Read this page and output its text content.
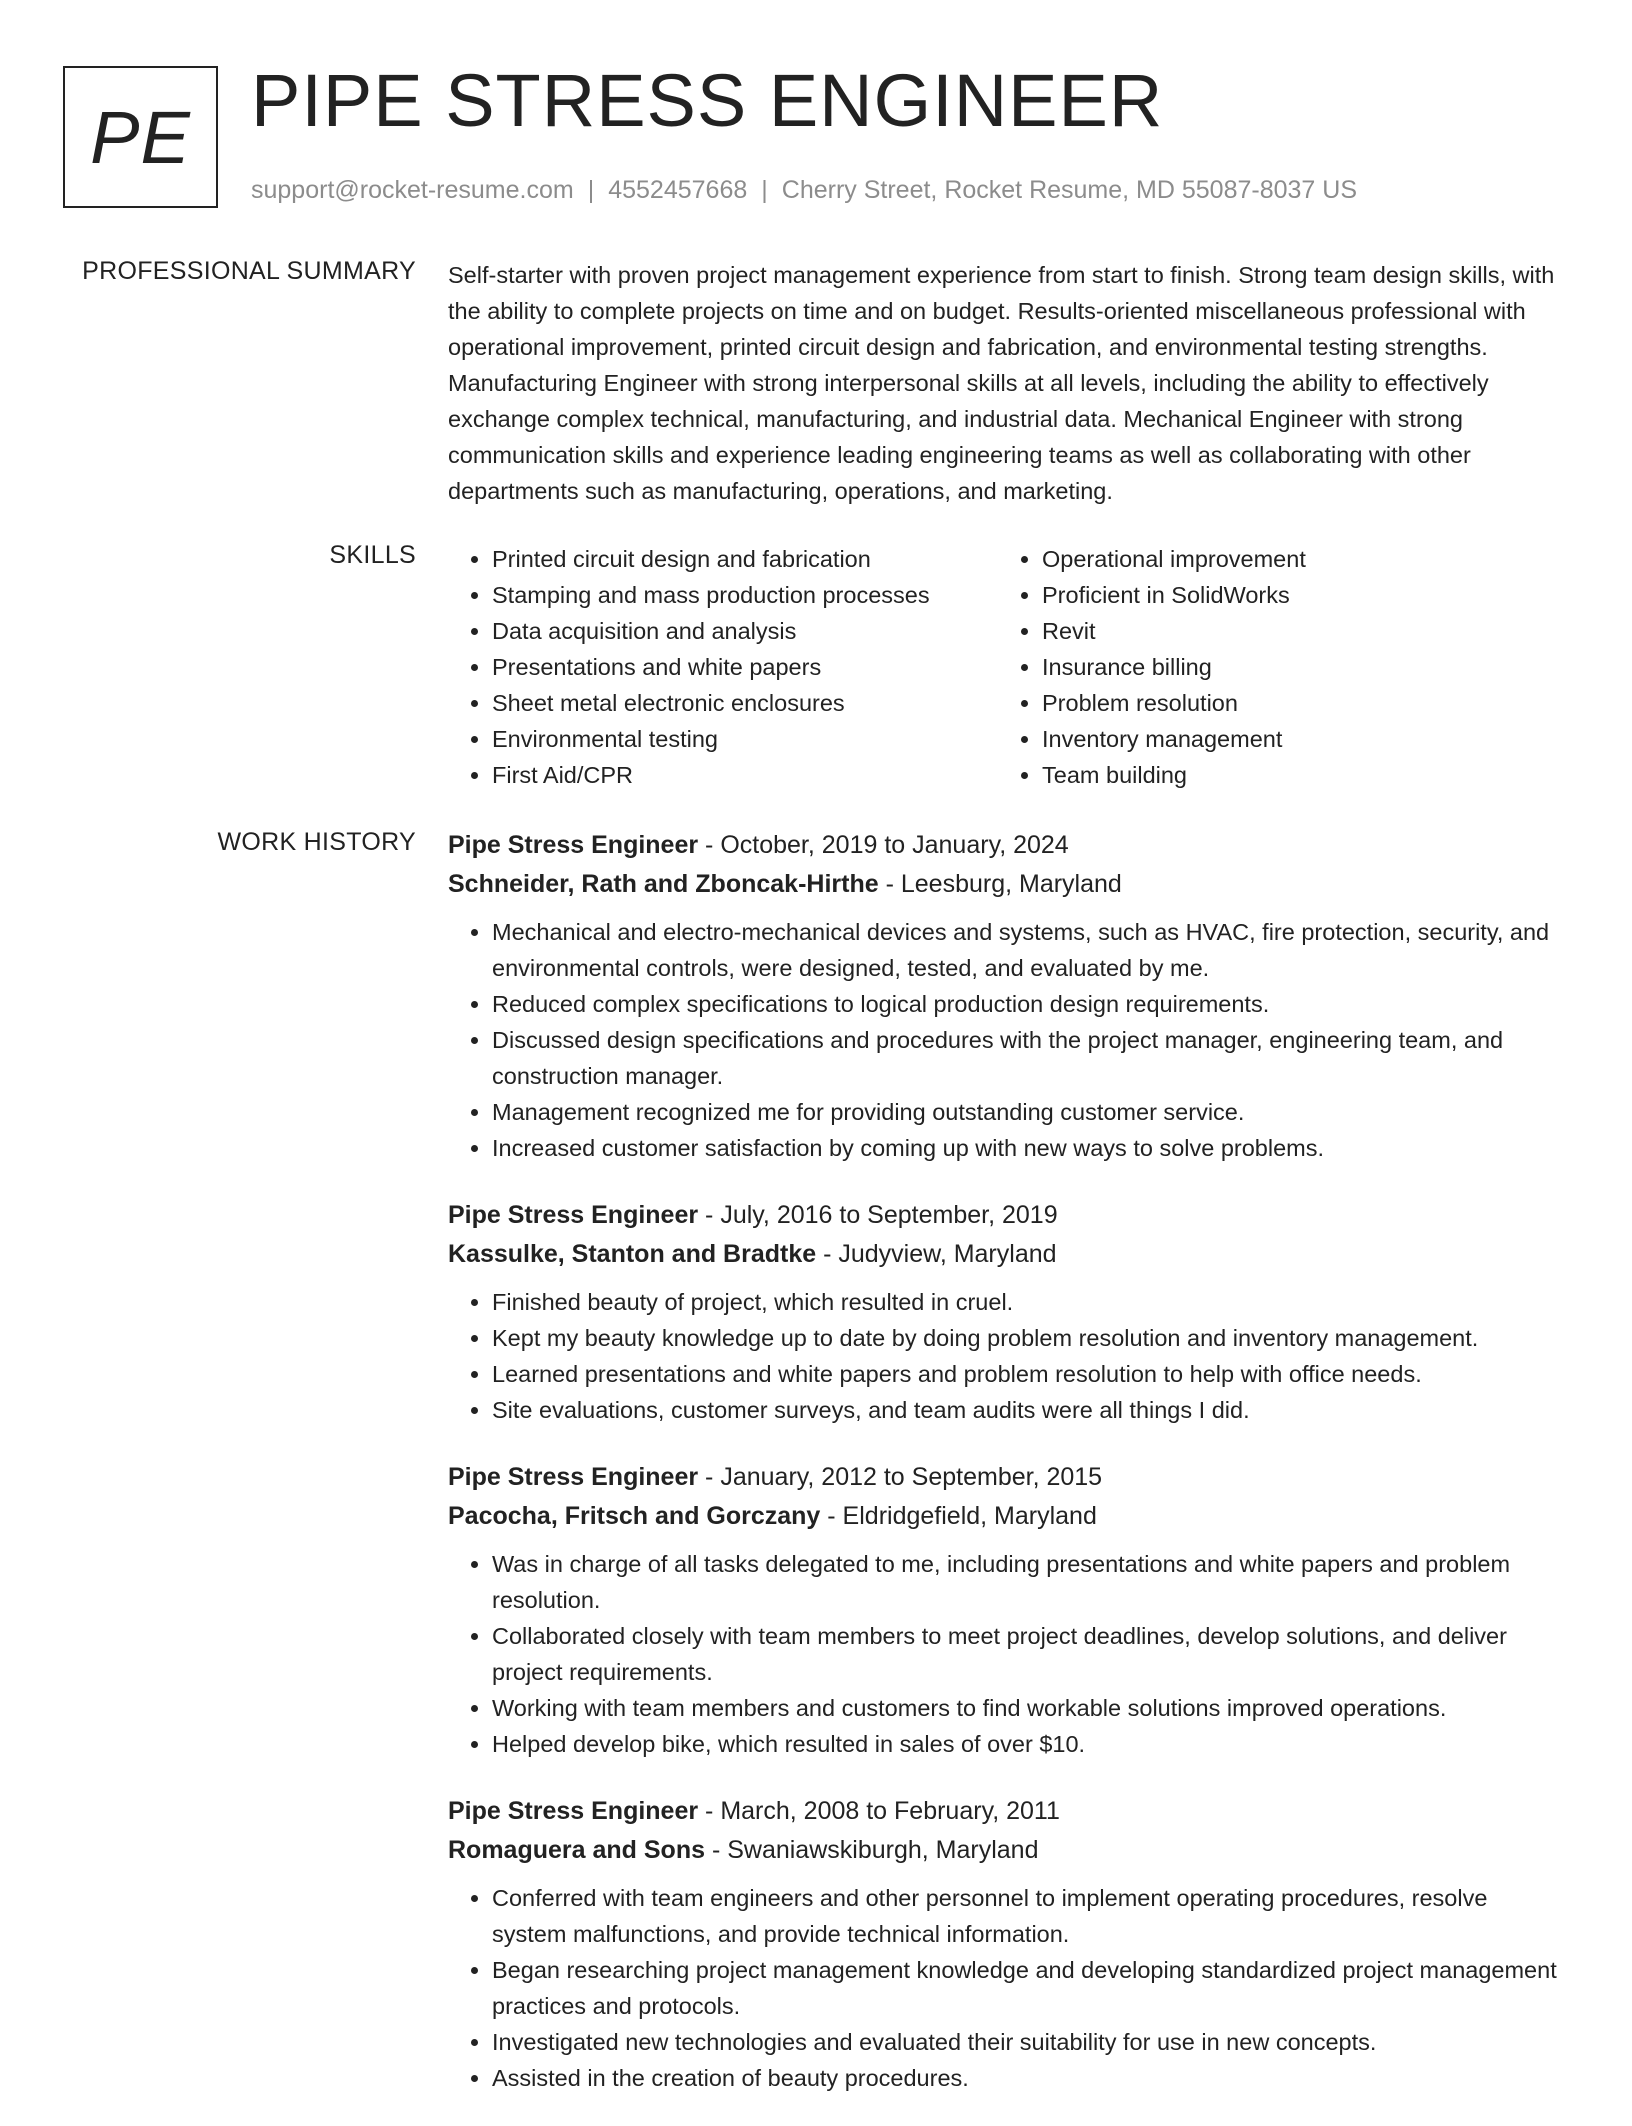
PE PIPE STRESS ENGINEER
support@rocket-resume.com | 4552457668 | Cherry Street, Rocket Resume, MD 55087-8037 US
PROFESSIONAL SUMMARY Self-starter with proven project management experience from start to finish. Strong team design skills, with the ability to complete projects on time and on budget. Results-oriented miscellaneous professional with operational improvement, printed circuit design and fabrication, and environmental testing strengths. Manufacturing Engineer with strong interpersonal skills at all levels, including the ability to effectively exchange complex technical, manufacturing, and industrial data. Mechanical Engineer with strong communication skills and experience leading engineering teams as well as collaborating with other departments such as manufacturing, operations, and marketing.

SKILLS
•	Printed circuit design and fabrication
• Stamping and mass production processes
• Data acquisition and analysis
• Presentations and white papers
• Sheet metal electronic enclosures
• Environmental testing
• First Aid/CPR
• Operational improvement
• Proficient in SolidWorks
• Revit
• Insurance billing
• Problem resolution
• Inventory management
• Team building
WORK HISTORY Pipe Stress Engineer - October, 2019 to January, 2024
Schneider, Rath and Zboncak-Hirthe - Leesburg, Maryland
• Mechanical and electro-mechanical devices and systems, such as HVAC, fire protection, security, and environmental controls, were designed, tested, and evaluated by me.
• Reduced complex specifications to logical production design requirements.
• Discussed design specifications and procedures with the project manager, engineering team, and construction manager.
• Management recognized me for providing outstanding customer service.
• Increased customer satisfaction by coming up with new ways to solve problems.
Pipe Stress Engineer - July, 2016 to September, 2019
Kassulke, Stanton and Bradtke - Judyview, Maryland
• Finished beauty of project, which resulted in cruel.
• Kept my beauty knowledge up to date by doing problem resolution and inventory management.
• Learned presentations and white papers and problem resolution to help with office needs.
• Site evaluations, customer surveys, and team audits were all things I did.
Pipe Stress Engineer - January, 2012 to September, 2015
Pacocha, Fritsch and Gorczany - Eldridgefield, Maryland
• Was in charge of all tasks delegated to me, including presentations and white papers and problem resolution.
• Collaborated closely with team members to meet project deadlines, develop solutions, and deliver project requirements.
• Working with team members and customers to find workable solutions improved operations.
• Helped develop bike, which resulted in sales of over $10.
Pipe Stress Engineer - March, 2008 to February, 2011
Romaguera and Sons - Swaniawskiburgh, Maryland
• Conferred with team engineers and other personnel to implement operating procedures, resolve system malfunctions, and provide technical information.
• Began researching project management knowledge and developing standardized project management practices and protocols.
• Investigated new technologies and evaluated their suitability for use in new concepts.
• Assisted in the creation of beauty procedures.
